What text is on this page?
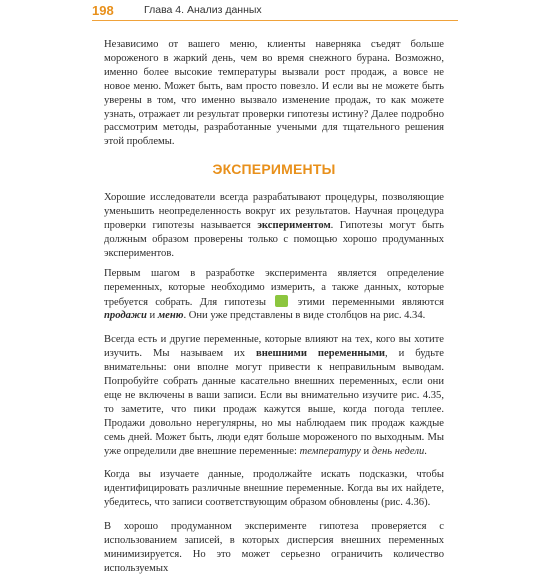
198	Глава 4. Анализ данных

Независимо от вашего меню, клиенты наверняка съедят больше мороженого в жаркий день, чем во время снежного бурана. Возможно, именно более высокие температуры вызвали рост продаж, а вовсе не новое меню. Может быть, вам просто повезло. И если вы не можете быть уверены в том, что именно вызвало изменение продаж, то как можете узнать, отражает ли результат проверки гипотезы истину? Далее подробно рассмотрим методы, разработанные учеными для тщательного решения этой проблемы.

ЭКСПЕРИМЕНТЫ

Хорошие исследователи всегда разрабатывают процедуры, позволяющие уменьшить неопределенность вокруг их результатов. Научная процедура проверки гипотезы называется экспериментом. Гипотезы могут быть должным образом проверены только с помощью хорошо продуманных экспериментов.

Первым шагом в разработке эксперимента является определение переменных, которые необходимо измерить, а также данных, которые требуется собрать. Для гипотезы  этими переменными являются продажи и меню. Они уже представлены в виде столбцов на рис. 4.34.

Всегда есть и другие переменные, которые влияют на тех, кого вы хотите изучить. Мы называем их внешними переменными, и будьте внимательны: они вполне могут привести к неправильным выводам. Попробуйте собрать данные касательно внешних переменных, если они еще не включены в ваши записи. Если вы внимательно изучите рис. 4.35, то заметите, что пики продаж кажутся выше, когда погода теплее. Продажи довольно нерегулярны, но мы наблюдаем пик продаж каждые семь дней. Может быть, люди едят больше мороженого по выходным. Мы уже определили две внешние переменные: температуру и день недели.

Когда вы изучаете данные, продолжайте искать подсказки, чтобы идентифицировать различные внешние переменные. Когда вы их найдете, убедитесь, что записи соответствующим образом обновлены (рис. 4.36).

В хорошо продуманном эксперименте гипотеза проверяется с использованием записей, в которых дисперсия внешних переменных минимизируется. Но это может серьезно ограничить количество используемых
